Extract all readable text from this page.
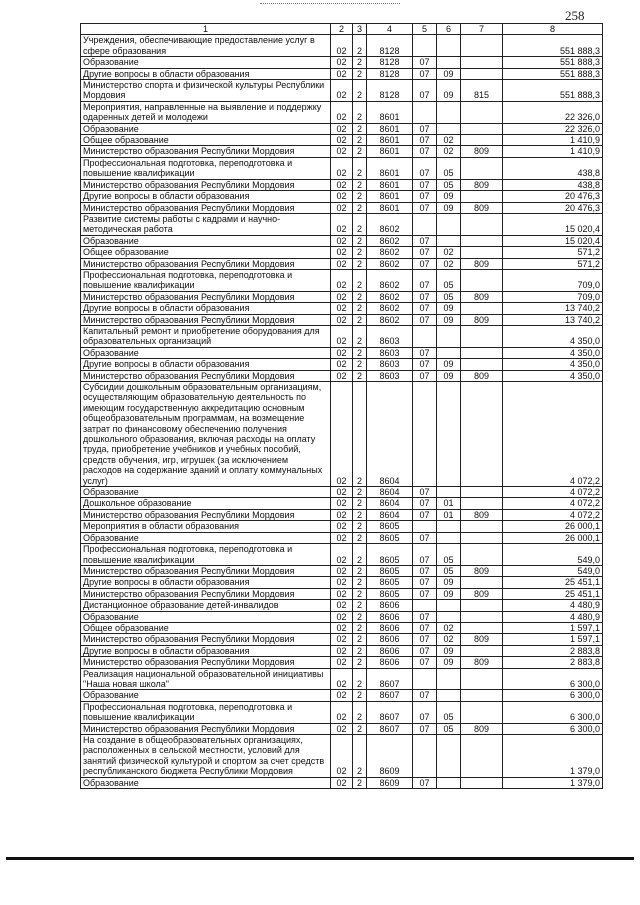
258
1	2	3	4	5	6	7	8
Учреждения, обеспечивающие предоставление услуг в сфере образования	02	2	8128				551 888,3
Образование	02	2	8128	07			551 888,3
Другие вопросы в области образования	02	2	8128	07	09		551 888,3
Министерство спорта и физической культуры Республики Мордовия	02	2	8128	07	09	815	551 888,3
Мероприятия, направленные на выявление и поддержку одаренных детей и молодежи	02	2	8601				22 326,0
Образование	02	2	8601	07			22 326,0
Общее образование	02	2	8601	07	02		1 410,9
Министерство образования Республики Мордовия	02	2	8601	07	02	809	1 410,9
Профессиональная подготовка, переподготовка и повышение квалификации	02	2	8601	07	05		438,8
Министерство образования Республики Мордовия	02	2	8601	07	05	809	438,8
Другие вопросы в области образования	02	2	8601	07	09		20 476,3
Министерство образования Республики Мордовия	02	2	8601	07	09	809	20 476,3
Развитие системы работы с кадрами и научно-методическая работа	02	2	8602				15 020,4
Образование	02	2	8602	07			15 020,4
Общее образование	02	2	8602	07	02		571,2
Министерство образования Республики Мордовия	02	2	8602	07	02	809	571,2
Профессиональная подготовка, переподготовка и повышение квалификации	02	2	8602	07	05		709,0
Министерство образования Республики Мордовия	02	2	8602	07	05	809	709,0
Другие вопросы в области образования	02	2	8602	07	09		13 740,2
Министерство образования Республики Мордовия	02	2	8602	07	09	809	13 740,2
Капитальный ремонт и приобретение оборудования для образовательных организаций	02	2	8603				4 350,0
Образование	02	2	8603	07			4 350,0
Другие вопросы в области образования	02	2	8603	07	09		4 350,0
Министерство образования Республики Мордовия	02	2	8603	07	09	809	4 350,0
Субсидии дошкольным образовательным организациям, осуществляющим образовательную деятельность по имеющим государственную аккредитацию основным общеобразовательным программам, на возмещение затрат по финансовому обеспечению получения дошкольного образования, включая расходы на оплату труда, приобретение учебников и учебных пособий, средств обучения, игр, игрушек (за исключением расходов на содержание зданий и оплату коммунальных услуг)	02	2	8604				4 072,2
Образование	02	2	8604	07			4 072,2
Дошкольное образование	02	2	8604	07	01		4 072,2
Министерство образования Республики Мордовия	02	2	8604	07	01	809	4 072,2
Мероприятия в области образования	02	2	8605				26 000,1
Образование	02	2	8605	07			26 000,1
Профессиональная подготовка, переподготовка и повышение квалификации	02	2	8605	07	05		549,0
Министерство образования Республики Мордовия	02	2	8605	07	05	809	549,0
Другие вопросы в области образования	02	2	8605	07	09		25 451,1
Министерство образования Республики Мордовия	02	2	8605	07	09	809	25 451,1
Дистанционное образование детей-инвалидов	02	2	8606				4 480,9
Образование	02	2	8606	07			4 480,9
Общее образование	02	2	8606	07	02		1 597,1
Министерство образования Республики Мордовия	02	2	8606	07	02	809	1 597,1
Другие вопросы в области образования	02	2	8606	07	09		2 883,8
Министерство образования Республики Мордовия	02	2	8606	07	09	809	2 883,8
Реализация национальной образовательной инициативы "Наша новая школа"	02	2	8607				6 300,0
Образование	02	2	8607	07			6 300,0
Профессиональная подготовка, переподготовка и повышение квалификации	02	2	8607	07	05		6 300,0
Министерство образования Республики Мордовия	02	2	8607	07	05	809	6 300,0
На создание в общеобразовательных организациях, расположенных в сельской местности, условий для занятий физической культурой и спортом за счет средств республиканского бюджета Республики Мордовия	02	2	8609				1 379,0
Образование	02	2	8609	07			1 379,0
